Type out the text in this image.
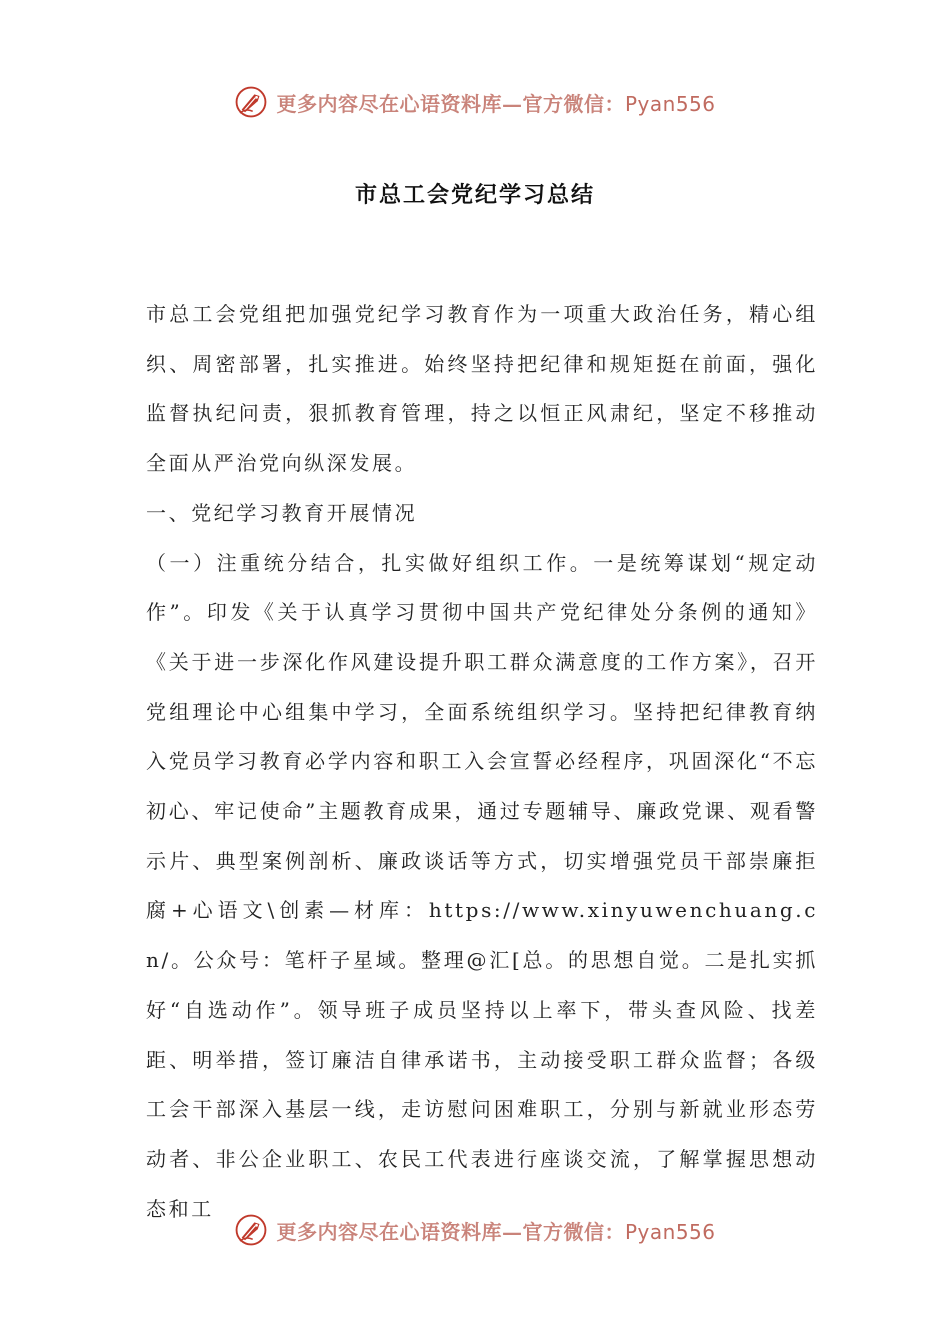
更多内容尽在心语资料库—官方微信：Pyan556
市总工会党纪学习总结

市总工会党组把加强党纪学习教育作为一项重大政治任务，精心组织、周密部署，扎实推进。始终坚持把纪律和规矩挺在前面，强化监督执纪问责，狠抓教育管理，持之以恒正风肃纪，坚定不移推动全面从严治党向纵深发展。

一、党纪学习教育开展情况

（一）注重统分结合，扎实做好组织工作。一是统筹谋划“规定动作”。印发《关于认真学习贯彻中国共产党纪律处分条例的通知》《关于进一步深化作风建设提升职工群众满意度的工作方案》，召开党组理论中心组集中学习，全面系统组织学习。坚持把纪律教育纳入党员学习教育必学内容和职工入会宣誓必经程序，巩固深化“不忘初心、牢记使命”主题教育成果，通过专题辅导、廉政党课、观看警示片、典型案例剖析、廉政谈话等方式，切实增强党员干部崇廉拒腐+心语文\创素—材库：https://www.xinyuwenchuang.cn/。公众号：笔杆子星域。整理@汇[总。的思想自觉。二是扎实抓好“自选动作”。领导班子成员坚持以上率下，带头查风险、找差距、明举措，签订廉洁自律承诺书，主动接受职工群众监督；各级工会干部深入基层一线，走访慰问困难职工，分别与新就业形态劳动者、非公企业职工、农民工代表进行座谈交流，了解掌握思想动态和工

更多内容尽在心语资料库—官方微信：Pyan556
